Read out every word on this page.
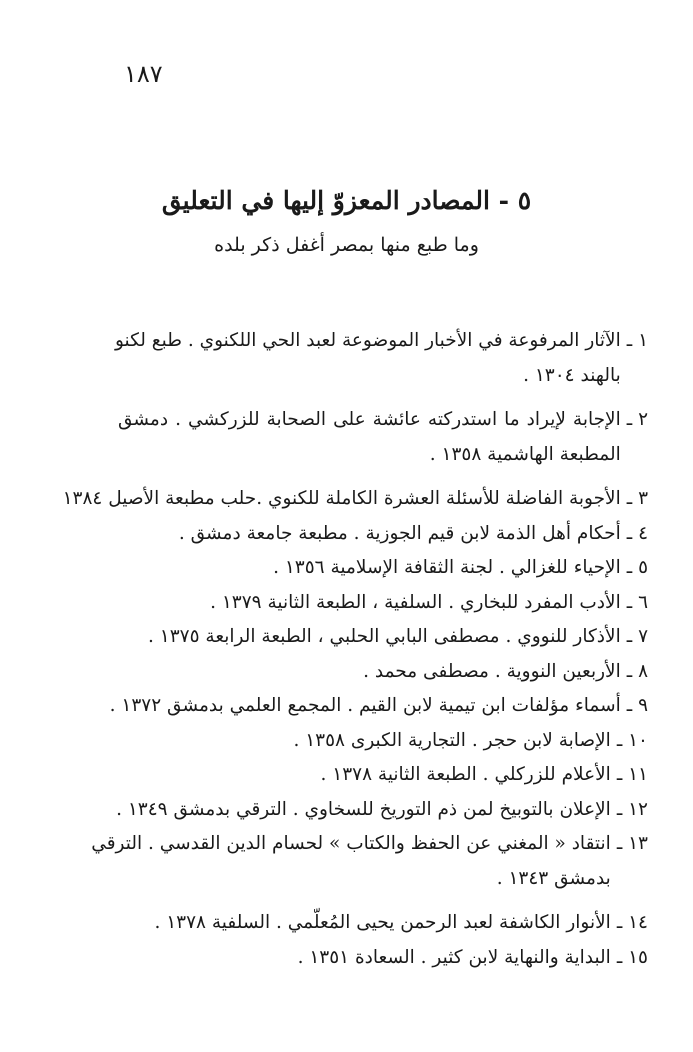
١٨٧
٥ - المصادر المعزوّ إليها في التعليق
وما طبع منها بمصر أغفل ذكر بلده
١ ـ
الآثار المرفوعة في الأخبار الموضوعة لعبد الحي اللكنوي . طبع لكنو
بالهند ١٣٠٤ .
٢ ـ
الإجابة لإيراد ما استدركته عائشة على الصحابة للزركشي . دمشق
المطبعة الهاشمية ١٣٥٨ .
٣ ـ
الأجوبة الفاضلة للأسئلة العشرة الكاملة للكنوي .حلب مطبعة الأصيل ١٣٨٤
٤ ـ
أحكام أهل الذمة لابن قيم الجوزية . مطبعة جامعة دمشق .
٥ ـ
الإحياء للغزالي . لجنة الثقافة الإسلامية ١٣٥٦ .
٦ ـ
الأدب المفرد للبخاري . السلفية ، الطبعة الثانية ١٣٧٩ .
٧ ـ
الأذكار للنووي . مصطفى البابي الحلبي ، الطبعة الرابعة ١٣٧٥ .
٨ ـ
الأربعين النووية . مصطفى محمد .
٩ ـ
أسماء مؤلفات ابن تيمية لابن القيم . المجمع العلمي بدمشق ١٣٧٢ .
١٠ ـ
الإصابة لابن حجر . التجارية الكبرى ١٣٥٨ .
١١ ـ
الأعلام للزركلي . الطبعة الثانية ١٣٧٨ .
١٢ ـ
الإعلان بالتوبيخ لمن ذم التوريخ للسخاوي . الترقي بدمشق ١٣٤٩ .
١٣ ـ
انتقاد « المغني عن الحفظ والكتاب » لحسام الدين القدسي . الترقي
بدمشق ١٣٤٣ .
١٤ ـ
الأنوار الكاشفة لعبد الرحمن يحيى المُعلّمي . السلفية ١٣٧٨ .
١٥ ـ
البداية والنهاية لابن كثير . السعادة ١٣٥١ .
